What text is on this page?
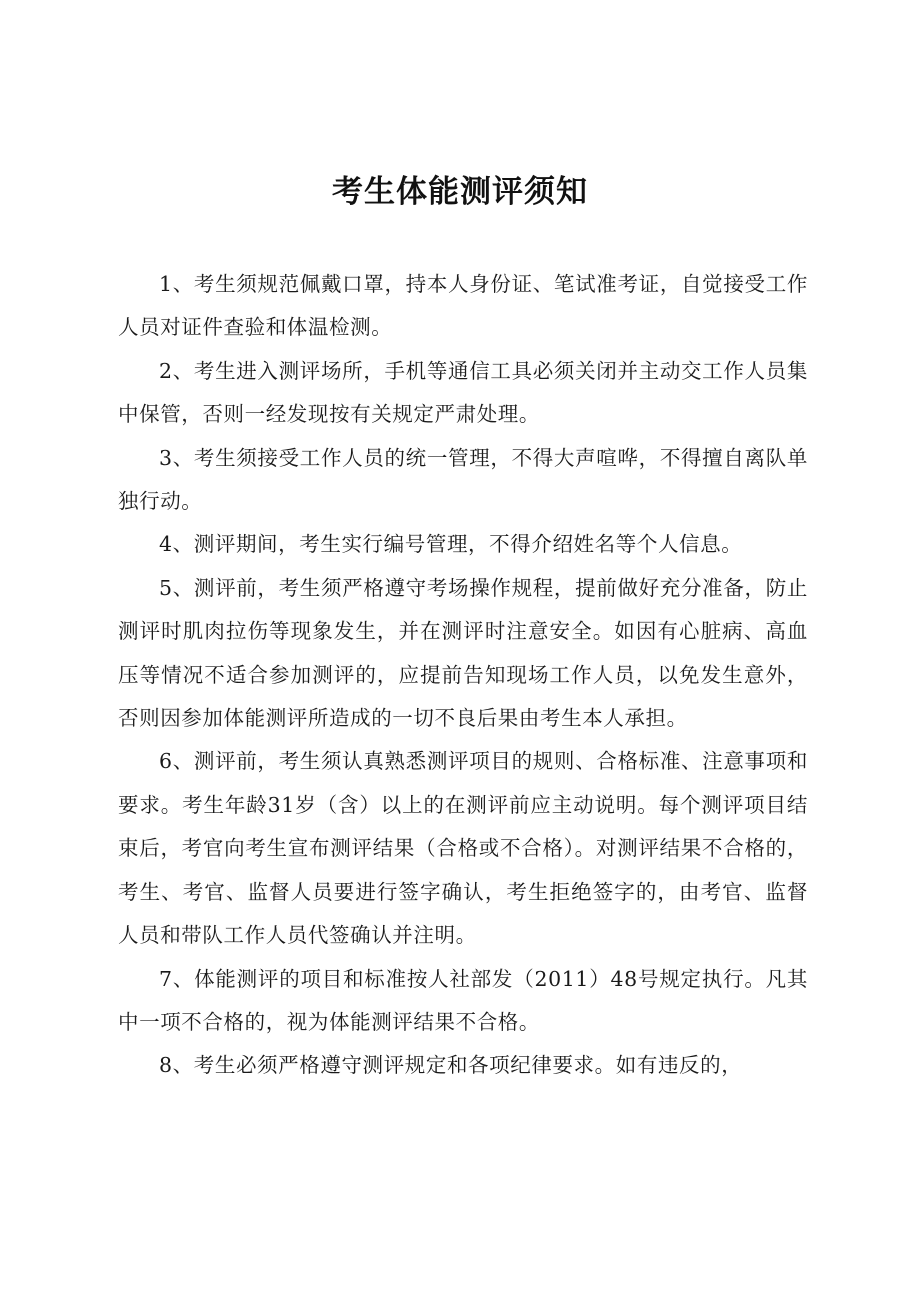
考生体能测评须知

1、考生须规范佩戴口罩，持本人身份证、笔试准考证，自觉接受工作人员对证件查验和体温检测。

2、考生进入测评场所，手机等通信工具必须关闭并主动交工作人员集中保管，否则一经发现按有关规定严肃处理。

3、考生须接受工作人员的统一管理，不得大声喧哗，不得擅自离队单独行动。

4、测评期间，考生实行编号管理，不得介绍姓名等个人信息。

5、测评前，考生须严格遵守考场操作规程，提前做好充分准备，防止测评时肌肉拉伤等现象发生，并在测评时注意安全。如因有心脏病、高血压等情况不适合参加测评的，应提前告知现场工作人员，以免发生意外，否则因参加体能测评所造成的一切不良后果由考生本人承担。

6、测评前，考生须认真熟悉测评项目的规则、合格标准、注意事项和要求。考生年龄31岁（含）以上的在测评前应主动说明。每个测评项目结束后，考官向考生宣布测评结果（合格或不合格）。对测评结果不合格的，考生、考官、监督人员要进行签字确认，考生拒绝签字的，由考官、监督人员和带队工作人员代签确认并注明。

7、体能测评的项目和标准按人社部发（2011）48号规定执行。凡其中一项不合格的，视为体能测评结果不合格。

8、考生必须严格遵守测评规定和各项纪律要求。如有违反的，
